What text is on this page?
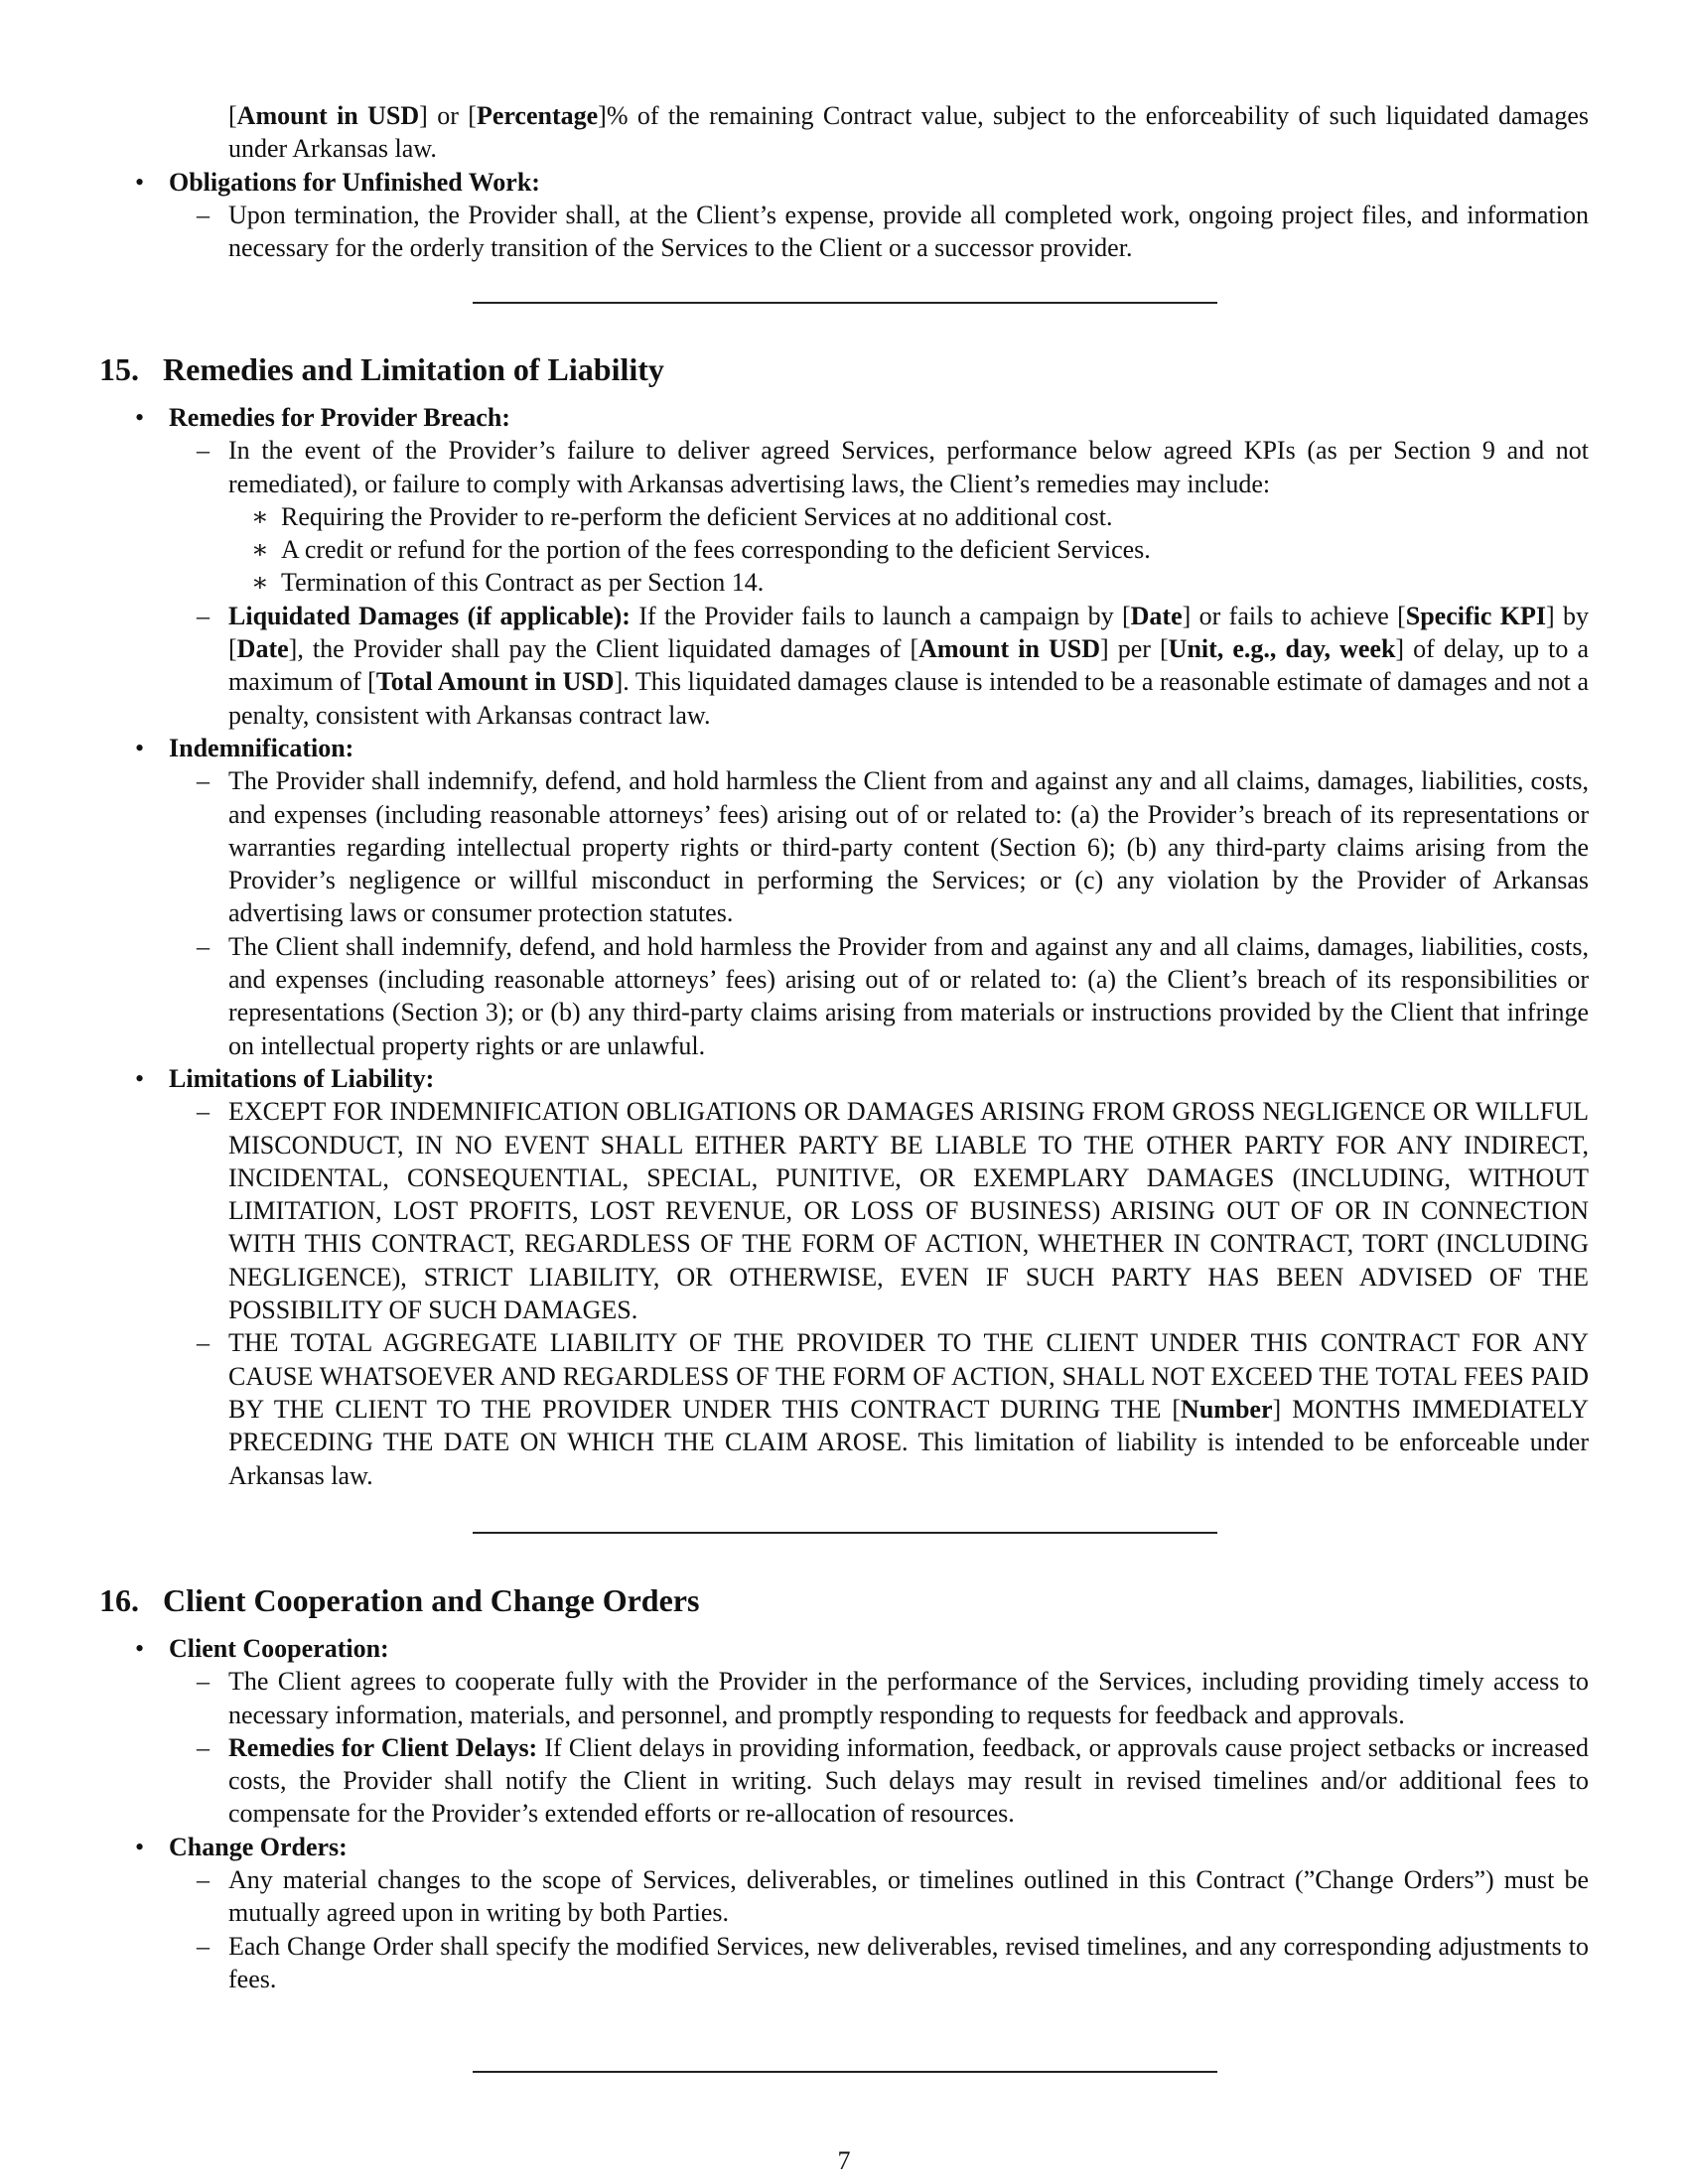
[Amount in USD] or [Percentage]% of the remaining Contract value, subject to the enforceability of such liquidated damages under Arkansas law.

• Obligations for Unfinished Work:
– Upon termination, the Provider shall, at the Client’s expense, provide all completed work, ongoing project files, and information necessary for the orderly transition of the Services to the Client or a successor provider.

15. Remedies and Limitation of Liability
• Remedies for Provider Breach:
– In the event of the Provider’s failure to deliver agreed Services, performance below agreed KPIs (as per Section 9 and not remediated), or failure to comply with Arkansas advertising laws, the Client’s remedies may include:

∗ Requiring the Provider to re-perform the deficient Services at no additional cost.

∗ A credit or refund for the portion of the fees corresponding to the deficient Services.

∗ Termination of this Contract as per Section 14.

– Liquidated Damages (if applicable): If the Provider fails to launch a campaign by [Date] or fails to achieve [Specific KPI] by [Date], the Provider shall pay the Client liquidated damages of [Amount in USD] per [Unit, e.g., day, week] of delay, up to a maximum of [Total Amount in USD]. This liquidated damages clause is intended to be a reasonable estimate of damages and not a penalty, consistent with Arkansas contract law.

• Indemnification:
– The Provider shall indemnify, defend, and hold harmless the Client from and against any and all claims, damages, liabilities, costs, and expenses (including reasonable attorneys’ fees) arising out of or related to: (a) the Provider’s breach of its representations or warranties regarding intellectual property rights or third-party content (Section 6); (b) any third-party claims arising from the Provider’s negligence or willful misconduct in performing the Services; or (c) any violation by the Provider of Arkansas advertising laws or consumer protection statutes.

– The Client shall indemnify, defend, and hold harmless the Provider from and against any and all claims, damages, liabilities, costs, and expenses (including reasonable attorneys’ fees) arising out of or related to: (a) the Client’s breach of its responsibilities or representations (Section 3); or (b) any third-party claims arising from materials or instructions provided by the Client that infringe on intellectual property rights or are unlawful.

• Limitations of Liability:
– EXCEPT FOR INDEMNIFICATION OBLIGATIONS OR DAMAGES ARISING FROM GROSS NEGLIGENCE OR WILLFUL MISCONDUCT, IN NO EVENT SHALL EITHER PARTY BE LIABLE TO THE OTHER PARTY FOR ANY INDIRECT, INCIDENTAL, CONSEQUENTIAL, SPECIAL, PUNITIVE, OR EXEMPLARY DAMAGES (INCLUDING, WITHOUT LIMITATION, LOST PROFITS, LOST REVENUE, OR LOSS OF BUSINESS) ARISING OUT OF OR IN CONNECTION WITH THIS CONTRACT, REGARDLESS OF THE FORM OF ACTION, WHETHER IN CONTRACT, TORT (INCLUDING NEGLIGENCE), STRICT LIABILITY, OR OTHERWISE, EVEN IF SUCH PARTY HAS BEEN ADVISED OF THE POSSIBILITY OF SUCH DAMAGES.

– THE TOTAL AGGREGATE LIABILITY OF THE PROVIDER TO THE CLIENT UNDER THIS CONTRACT FOR ANY CAUSE WHATSOEVER AND REGARDLESS OF THE FORM OF ACTION, SHALL NOT EXCEED THE TOTAL FEES PAID BY THE CLIENT TO THE PROVIDER UNDER THIS CONTRACT DURING THE [Number] MONTHS IMMEDIATELY PRECEDING THE DATE ON WHICH THE CLAIM AROSE. This limitation of liability is intended to be enforceable under Arkansas law.

16. Client Cooperation and Change Orders
• Client Cooperation:
– The Client agrees to cooperate fully with the Provider in the performance of the Services, including providing timely access to necessary information, materials, and personnel, and promptly responding to requests for feedback and approvals.

– Remedies for Client Delays: If Client delays in providing information, feedback, or approvals cause project setbacks or increased costs, the Provider shall notify the Client in writing. Such delays may result in revised timelines and/or additional fees to compensate for the Provider’s extended efforts or re-allocation of resources.

• Change Orders:
– Any material changes to the scope of Services, deliverables, or timelines outlined in this Contract (”Change Orders”) must be mutually agreed upon in writing by both Parties.

– Each Change Order shall specify the modified Services, new deliverables, revised timelines, and any corresponding adjustments to fees.

7
